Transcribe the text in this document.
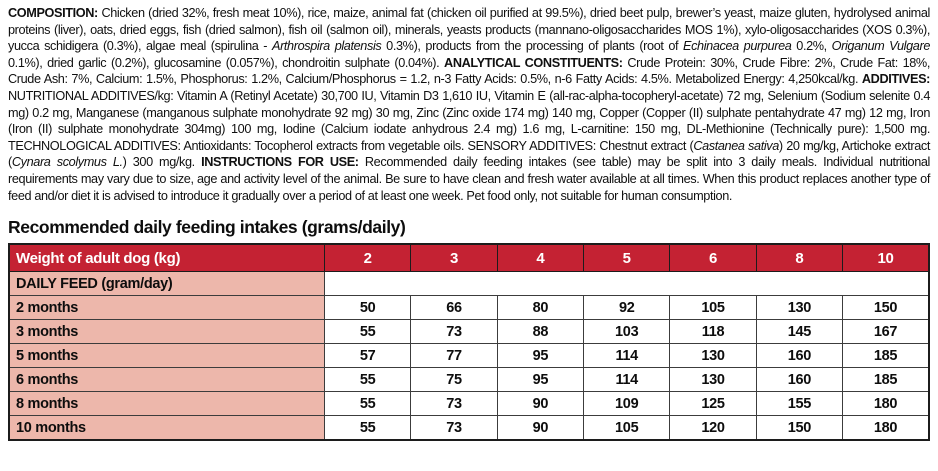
COMPOSITION: Chicken (dried 32%, fresh meat 10%), rice, maize, animal fat (chicken oil purified at 99.5%), dried beet pulp, brewer’s yeast, maize gluten, hydrolysed animal proteins (liver), oats, dried eggs, fish (dried salmon), fish oil (salmon oil), minerals, yeasts products (mannano-oligosaccharides MOS 1%), xylo-oligosaccharides (XOS 0.3%), yucca schidigera (0.3%), algae meal (spirulina - Arthrospira platensis 0.3%), products from the processing of plants (root of Echinacea purpurea 0.2%, Origanum Vulgare 0.1%), dried garlic (0.2%), glucosamine (0.057%), chondroitin sulphate (0.04%). ANALYTICAL CONSTITUENTS: Crude Protein: 30%, Crude Fibre: 2%, Crude Fat: 18%, Crude Ash: 7%, Calcium: 1.5%, Phosphorus: 1.2%, Calcium/Phosphorus = 1.2, n-3 Fatty Acids: 0.5%, n-6 Fatty Acids: 4.5%. Metabolized Energy: 4,250kcal/kg. ADDITIVES: NUTRITIONAL ADDITIVES/kg: Vitamin A (Retinyl Acetate) 30,700 IU, Vitamin D3 1,610 IU, Vitamin E (all-rac-alpha-tocopheryl-acetate) 72 mg, Selenium (Sodium selenite 0.4 mg) 0.2 mg, Manganese (manganous sulphate monohydrate 92 mg) 30 mg, Zinc (Zinc oxide 174 mg) 140 mg, Copper (Copper (II) sulphate pentahydrate 47 mg) 12 mg, Iron (Iron (II) sulphate monohydrate 304mg) 100 mg, Iodine (Calcium iodate anhydrous 2.4 mg) 1.6 mg, L-carnitine: 150 mg, DL-Methionine (Technically pure): 1,500 mg. TECHNOLOGICAL ADDITIVES: Antioxidants: Tocopherol extracts from vegetable oils. SENSORY ADDITIVES: Chestnut extract (Castanea sativa) 20 mg/kg, Artichoke extract (Cynara scolymus L.) 300 mg/kg. INSTRUCTIONS FOR USE: Recommended daily feeding intakes (see table) may be split into 3 daily meals. Individual nutritional requirements may vary due to size, age and activity level of the animal. Be sure to have clean and fresh water available at all times. When this product replaces another type of feed and/or diet it is advised to introduce it gradually over a period of at least one week. Pet food only, not suitable for human consumption.

Recommended daily feeding intakes (grams/daily)
Weight of adult dog (kg)	2	3	4	5	6	8	10
DAILY FEED (gram/day)							
2 months	50	66	80	92	105	130	150
3 months	55	73	88	103	118	145	167
5 months	57	77	95	114	130	160	185
6 months	55	75	95	114	130	160	185
8 months	55	73	90	109	125	155	180
10 months	55	73	90	105	120	150	180
